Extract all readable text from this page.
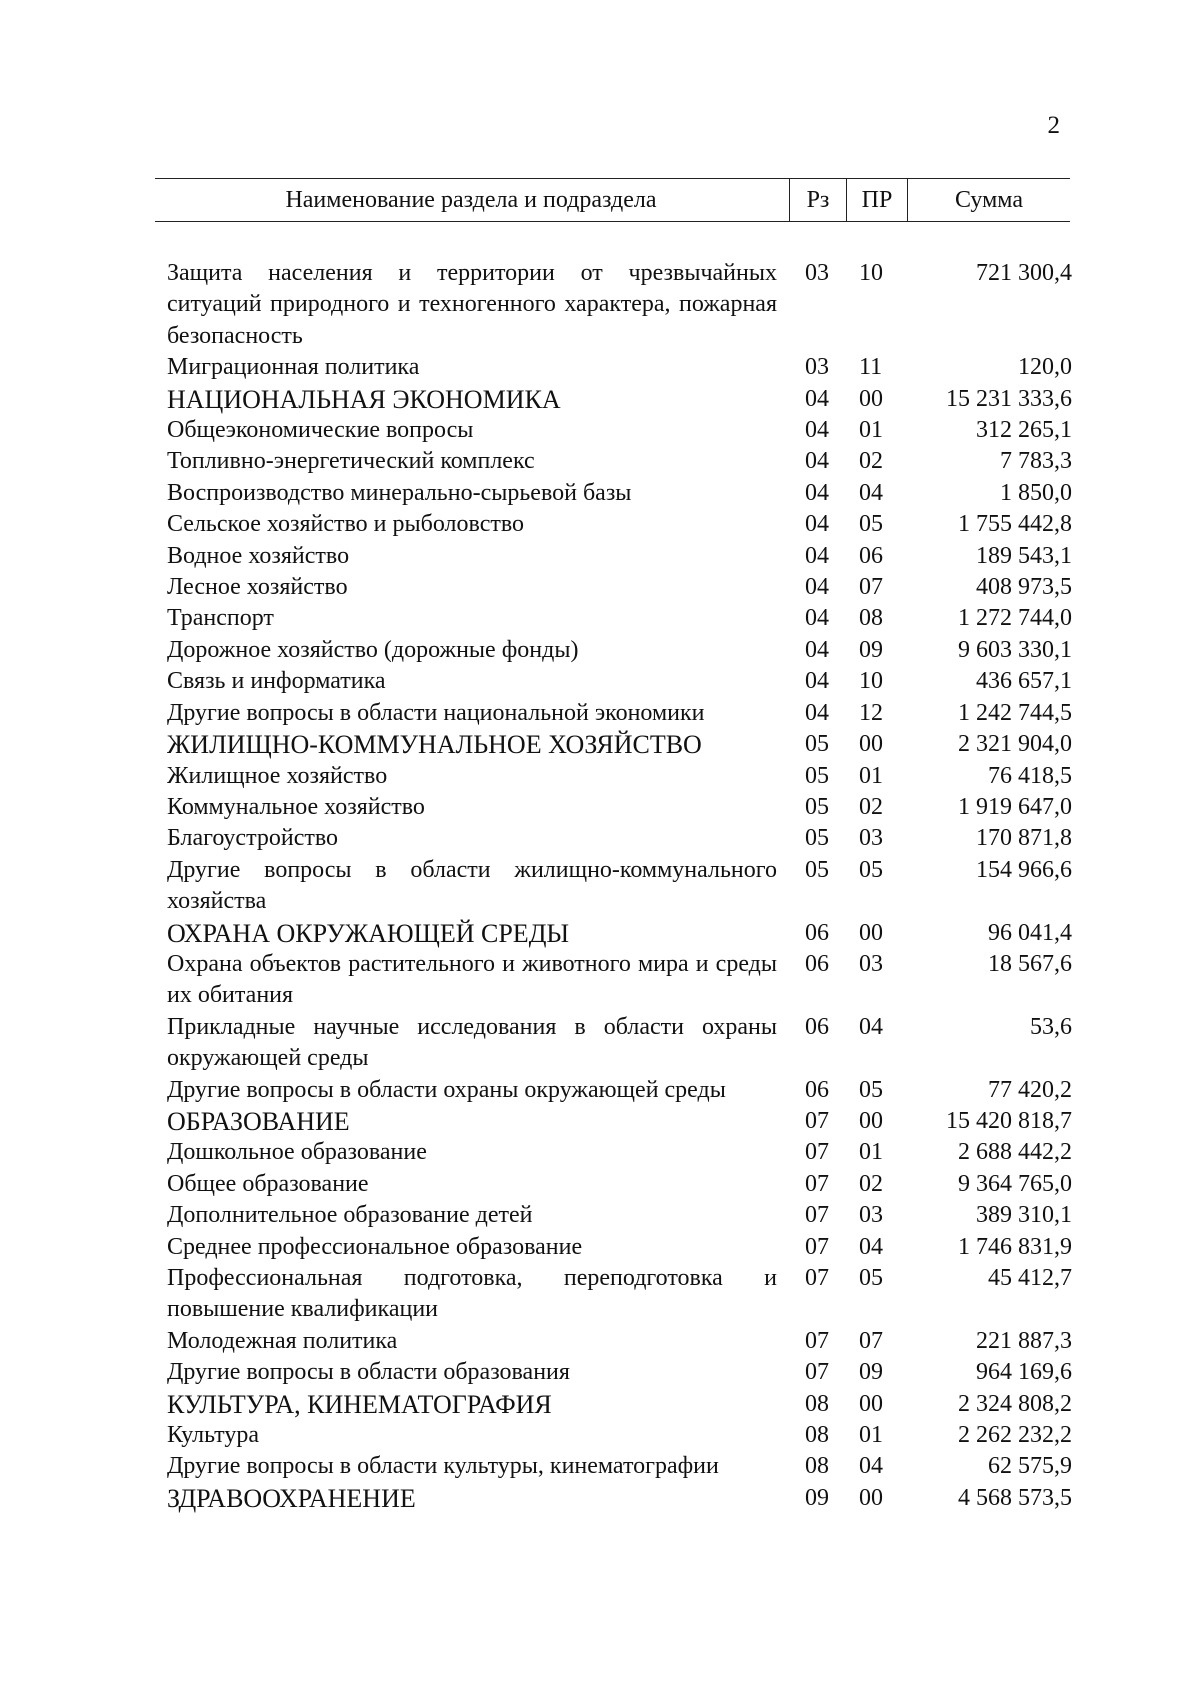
2
Наименование раздела и подраздела	Рз	ПР	Сумма
Защита населения и территории от чрезвычайных ситуаций природного и техногенного характера, пожарная безопасность
03	10	721 300,4
Миграционная политика	03	11	120,0
НАЦИОНАЛЬНАЯ ЭКОНОМИКА	04	00	15 231 333,6
Общеэкономические вопросы	04	01	312 265,1
Топливно-энергетический комплекс	04	02	7 783,3
Воспроизводство минерально-сырьевой базы	04	04	1 850,0
Сельское хозяйство и рыболовство	04	05	1 755 442,8
Водное хозяйство	04	06	189 543,1
Лесное хозяйство	04	07	408 973,5
Транспорт	04	08	1 272 744,0
Дорожное хозяйство (дорожные фонды)	04	09	9 603 330,1
Связь и информатика	04	10	436 657,1
Другие вопросы в области национальной экономики	04	12	1 242 744,5
ЖИЛИЩНО-КОММУНАЛЬНОЕ ХОЗЯЙСТВО	05	00	2 321 904,0
Жилищное хозяйство	05	01	76 418,5
Коммунальное хозяйство	05	02	1 919 647,0
Благоустройство	05	03	170 871,8
Другие вопросы в области жилищно-коммунального хозяйства
05	05	154 966,6
ОХРАНА ОКРУЖАЮЩЕЙ СРЕДЫ	06	00	96 041,4
Охрана объектов растительного и животного мира и среды их обитания
06	03	18 567,6
Прикладные научные исследования в области охраны окружающей среды
06	04	53,6
Другие вопросы в области охраны окружающей среды	06	05	77 420,2
ОБРАЗОВАНИЕ	07	00	15 420 818,7
Дошкольное образование	07	01	2 688 442,2
Общее образование	07	02	9 364 765,0
Дополнительное образование детей	07	03	389 310,1
Среднее профессиональное образование	07	04	1 746 831,9
Профессиональная подготовка, переподготовка и повышение квалификации
07	05	45 412,7
Молодежная политика	07	07	221 887,3
Другие вопросы в области образования	07	09	964 169,6
КУЛЬТУРА, КИНЕМАТОГРАФИЯ	08	00	2 324 808,2
Культура	08	01	2 262 232,2
Другие вопросы в области культуры, кинематографии	08	04	62 575,9
ЗДРАВООХРАНЕНИЕ	09	00	4 568 573,5
